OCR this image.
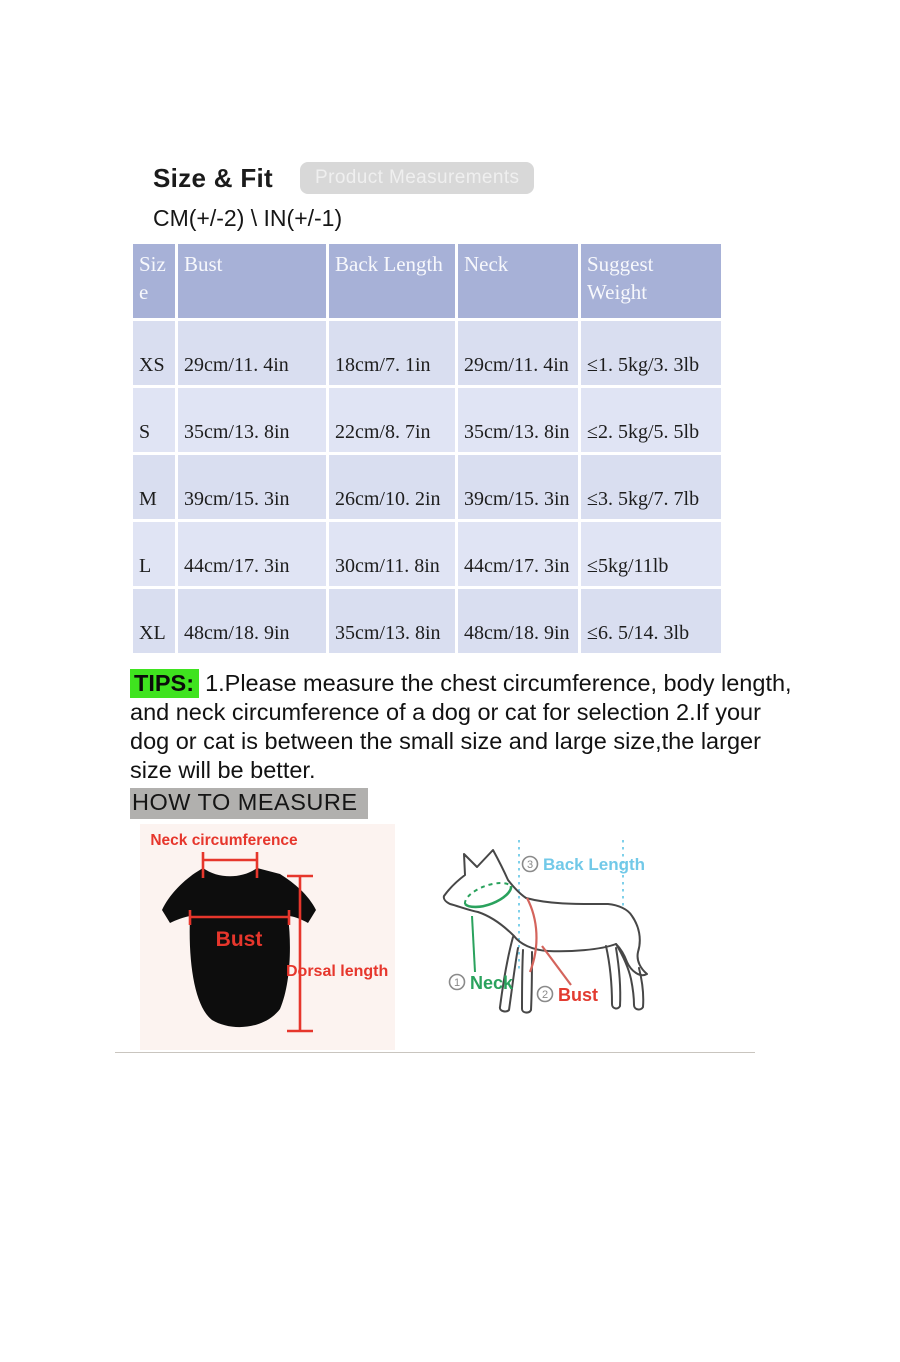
Size & Fit	Product Measurements
CM(+/-2) \ IN(+/-1)
Size	Bust	Back Length	Neck	Suggest Weight
XS	29cm/11. 4in	18cm/7. 1in	29cm/11. 4in	≤1. 5kg/3. 3lb
S	35cm/13. 8in	22cm/8. 7in	35cm/13. 8in	≤2. 5kg/5. 5lb
M	39cm/15. 3in	26cm/10. 2in	39cm/15. 3in	≤3. 5kg/7. 7lb
L	44cm/17. 3in	30cm/11. 8in	44cm/17. 3in	≤5kg/11lb
XL	48cm/18. 9in	35cm/13. 8in	48cm/18. 9in	≤6. 5/14. 3lb

TIPS: 1.Please measure the chest circumference, body length, and neck circumference of a dog or cat for selection 2.If your dog or cat is between the small size and large size,the larger size will be better.

HOW TO MEASURE
Neck circumference
Bust
Dorsal length
3 Back Length
1 Neck
2 Bust
